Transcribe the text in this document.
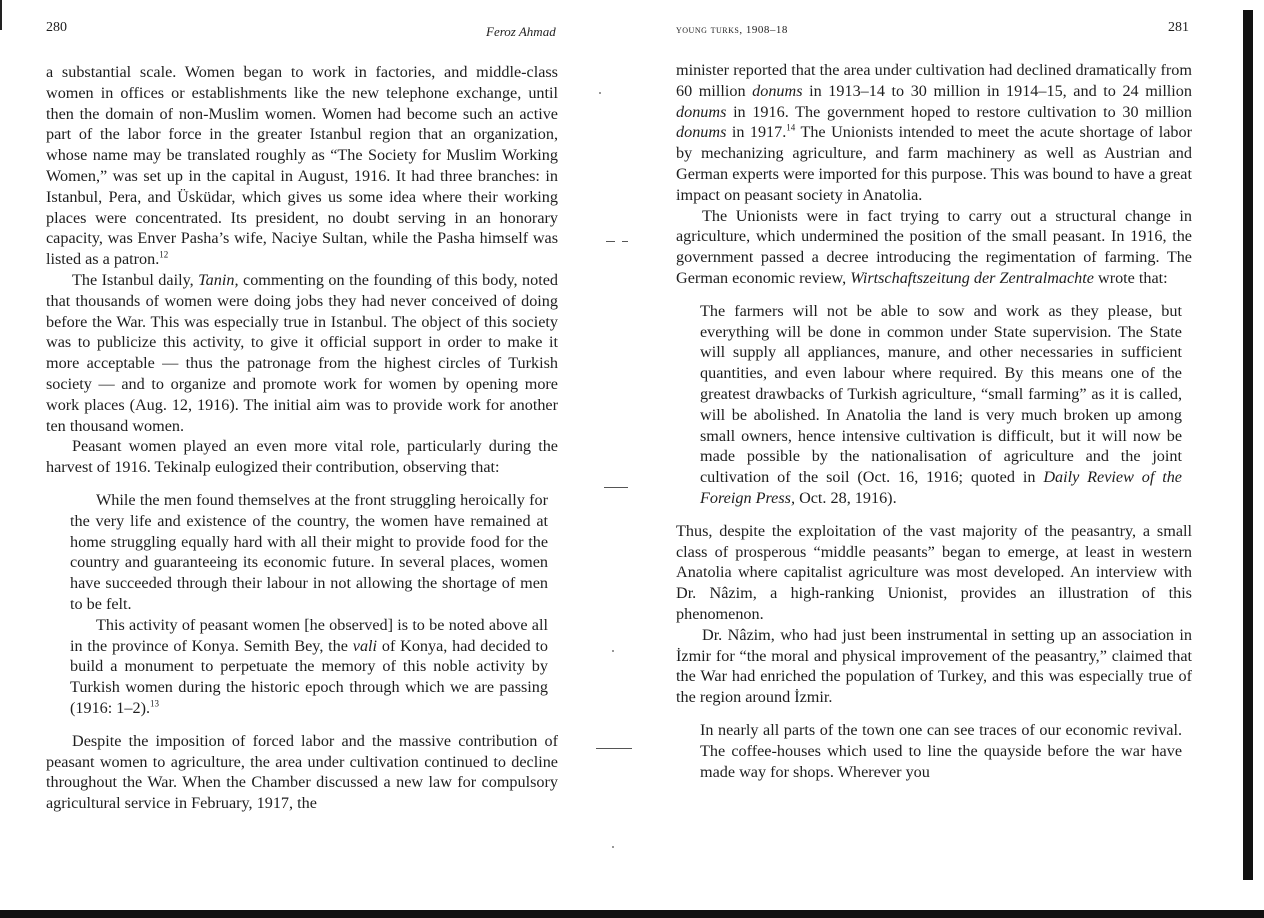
280	Feroz Ahmad

a substantial scale. Women began to work in factories, and middle-class women in offices or establishments like the new telephone exchange, until then the domain of non-Muslim women. Women had become such an active part of the labor force in the greater Istanbul region that an organization, whose name may be translated roughly as “The Society for Muslim Working Women,” was set up in the capital in August, 1916. It had three branches: in Istanbul, Pera, and Üsküdar, which gives us some idea where their working places were concentrated. Its president, no doubt serving in an honorary capacity, was Enver Pasha’s wife, Naciye Sultan, while the Pasha himself was listed as a patron.$^{12}$

The Istanbul daily, Tanin, commenting on the founding of this body, noted that thousands of women were doing jobs they had never conceived of doing before the War. This was especially true in Istanbul. The object of this society was to publicize this activity, to give it official support in order to make it more acceptable — thus the patronage from the highest circles of Turkish society — and to organize and promote work for women by opening more work places (Aug. 12, 1916). The initial aim was to provide work for another ten thousand women.

Peasant women played an even more vital role, particularly during the harvest of 1916. Tekinalp eulogized their contribution, observing that:

While the men found themselves at the front struggling heroically for the very life and existence of the country, the women have remained at home struggling equally hard with all their might to provide food for the country and guaranteeing its economic future. In several places, women have succeeded through their labour in not allowing the shortage of men to be felt.

This activity of peasant women [he observed] is to be noted above all in the province of Konya. Semith Bey, the vali of Konya, had decided to build a monument to perpetuate the memory of this noble activity by Turkish women during the historic epoch through which we are passing (1916: 1–2).$^{13}$

Despite the imposition of forced labor and the massive contribution of peasant women to agriculture, the area under cultivation continued to decline throughout the War. When the Chamber discussed a new law for compulsory agricultural service in February, 1917, the

young turks, 1908–18	281

minister reported that the area under cultivation had declined dramatically from 60 million donums in 1913–14 to 30 million in 1914–15, and to 24 million donums in 1916. The government hoped to restore cultivation to 30 million donums in 1917.14 The Unionists intended to meet the acute shortage of labor by mechanizing agriculture, and farm machinery as well as Austrian and German experts were imported for this purpose. This was bound to have a great impact on peasant society in Anatolia.

The Unionists were in fact trying to carry out a structural change in agriculture, which undermined the position of the small peasant. In 1916, the government passed a decree introducing the regimentation of farming. The German economic review, Wirtschaftszeitung der Zentralmachte wrote that:

The farmers will not be able to sow and work as they please, but everything will be done in common under State supervision. The State will supply all appliances, manure, and other necessaries in sufficient quantities, and even labour where required. By this means one of the greatest drawbacks of Turkish agriculture, “small farming” as it is called, will be abolished. In Anatolia the land is very much broken up among small owners, hence intensive cultivation is difficult, but it will now be made possible by the nationalisation of agriculture and the joint cultivation of the soil (Oct. 16, 1916; quoted in Daily Review of the Foreign Press, Oct. 28, 1916).

Thus, despite the exploitation of the vast majority of the peasantry, a small class of prosperous “middle peasants” began to emerge, at least in western Anatolia where capitalist agriculture was most developed. An interview with Dr. Nâzim, a high-ranking Unionist, provides an illustration of this phenomenon.

Dr. Nâzim, who had just been instrumental in setting up an association in İzmir for “the moral and physical improvement of the peasantry,” claimed that the War had enriched the population of Turkey, and this was especially true of the region around İzmir.

In nearly all parts of the town one can see traces of our economic revival. The coffee-houses which used to line the quayside before the war have made way for shops. Wherever you
